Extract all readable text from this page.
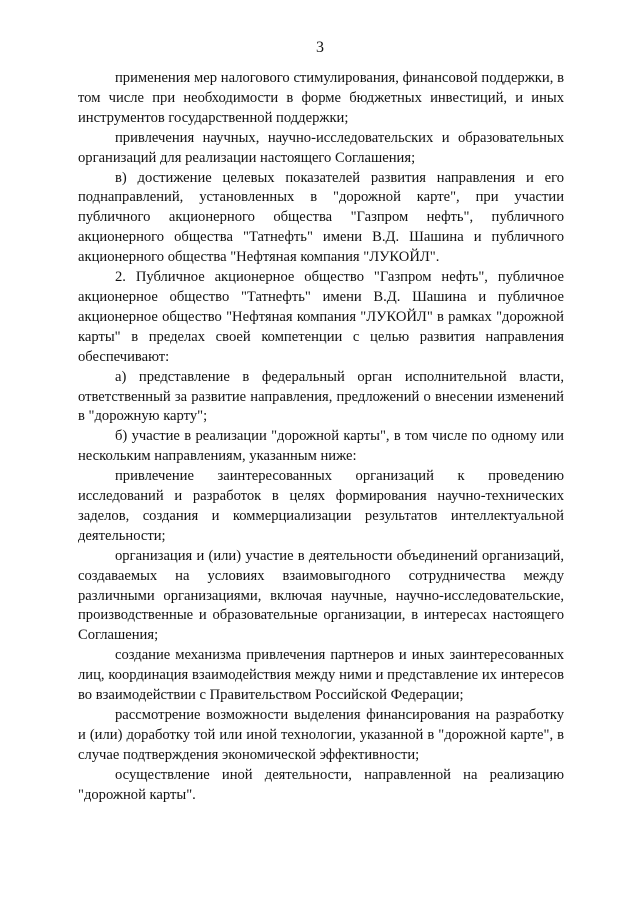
3

применения мер налогового стимулирования, финансовой поддержки, в том числе при необходимости в форме бюджетных инвестиций, и иных инструментов государственной поддержки;

привлечения научных, научно-исследовательских и образовательных организаций для реализации настоящего Соглашения;

в) достижение целевых показателей развития направления и его поднаправлений, установленных в "дорожной карте", при участии публичного акционерного общества "Газпром нефть", публичного акционерного общества "Татнефть" имени В.Д. Шашина и публичного акционерного общества "Нефтяная компания "ЛУКОЙЛ".

2. Публичное акционерное общество "Газпром нефть", публичное акционерное общество "Татнефть" имени В.Д. Шашина и публичное акционерное общество "Нефтяная компания "ЛУКОЙЛ" в рамках "дорожной карты" в пределах своей компетенции с целью развития направления обеспечивают:

а) представление в федеральный орган исполнительной власти, ответственный за развитие направления, предложений о внесении изменений в "дорожную карту";

б) участие в реализации "дорожной карты", в том числе по одному или нескольким направлениям, указанным ниже:

привлечение заинтересованных организаций к проведению исследований и разработок в целях формирования научно-технических заделов, создания и коммерциализации результатов интеллектуальной деятельности;

организация и (или) участие в деятельности объединений организаций, создаваемых на условиях взаимовыгодного сотрудничества между различными организациями, включая научные, научно-исследовательские, производственные и образовательные организации, в интересах настоящего Соглашения;

создание механизма привлечения партнеров и иных заинтересованных лиц, координация взаимодействия между ними и представление их интересов во взаимодействии с Правительством Российской Федерации;

рассмотрение возможности выделения финансирования на разработку и (или) доработку той или иной технологии, указанной в "дорожной карте", в случае подтверждения экономической эффективности;

осуществление иной деятельности, направленной на реализацию "дорожной карты".
